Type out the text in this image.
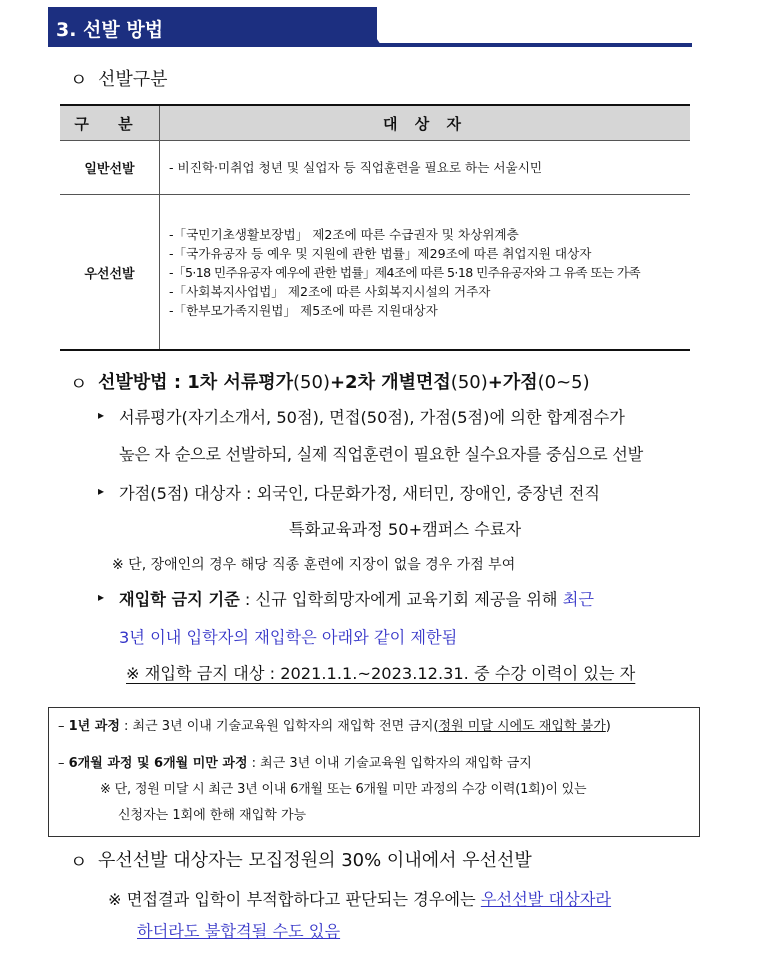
3. 선발 방법
ㅇ 선발구분
구 분	대 상 자
일반선발	- 비진학·미취업 청년 및 실업자 등 직업훈련을 필요로 하는 서울시민
우선선발	-「국민기초생활보장법」 제2조에 따른 수급권자 및 차상위계층
-「국가유공자 등 예우 및 지원에 관한 법률」제29조에 따른 취업지원 대상자
-「5·18 민주유공자 예우에 관한 법률」제4조에 따른 5·18 민주유공자와 그 유족 또는 가족
-「사회복지사업법」 제2조에 따른 사회복지시설의 거주자
-「한부모가족지원법」 제5조에 따른 지원대상자
ㅇ 선발방법 : 1차 서류평가(50)+2차 개별면접(50)+가점(0~5)
▸ 서류평가(자기소개서, 50점), 면접(50점), 가점(5점)에 의한 합계점수가
높은 자 순으로 선발하되, 실제 직업훈련이 필요한 실수요자를 중심으로 선발
▸ 가점(5점) 대상자 : 외국인, 다문화가정, 새터민, 장애인, 중장년 전직
특화교육과정 50+캠퍼스 수료자
※ 단, 장애인의 경우 해당 직종 훈련에 지장이 없을 경우 가점 부여
▸ 재입학 금지 기준 : 신규 입학희망자에게 교육기회 제공을 위해 최근
3년 이내 입학자의 재입학은 아래와 같이 제한됨
※ 재입학 금지 대상 : 2021.1.1.~2023.12.31. 중 수강 이력이 있는 자
– 1년 과정 : 최근 3년 이내 기술교육원 입학자의 재입학 전면 금지(정원 미달 시에도 재입학 불가)
– 6개월 과정 및 6개월 미만 과정 : 최근 3년 이내 기술교육원 입학자의 재입학 금지
※ 단, 정원 미달 시 최근 3년 이내 6개월 또는 6개월 미만 과정의 수강 이력(1회)이 있는
신청자는 1회에 한해 재입학 가능
ㅇ 우선선발 대상자는 모집정원의 30% 이내에서 우선선발
※ 면접결과 입학이 부적합하다고 판단되는 경우에는 우선선발 대상자라
하더라도 불합격될 수도 있음
